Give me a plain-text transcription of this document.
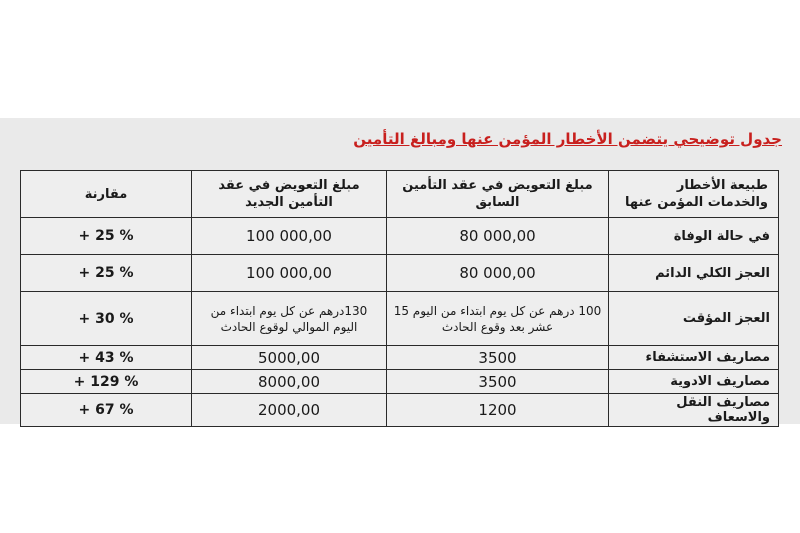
جدول توضيحي يتضمن الأخطار المؤمن عنها ومبالغ التأمين
طبيعة الأخطار والخدمات المؤمن عنها	مبلغ التعويض في عقد التأمين السابق	مبلغ التعويض في عقد التأمين الجديد	مقارنة
في حالة الوفاة	80 000,00	100 000,00	+ 25 %
العجز الكلي الدائم	80 000,00	100 000,00	+ 25 %
العجز المؤقت	100 درهم عن كل يوم ابتداء من اليوم 15 عشر بعد وقوع الحادث	130درهم عن كل يوم ابتداء من اليوم الموالي لوقوع الحادث	+ 30 %
مصاريف الاستشفاء	3500	5000,00	+ 43 %
مصاريف الادوية	3500	8000,00	+ 129 %
مصاريف النقل والاسعاف	1200	2000,00	+ 67 %
